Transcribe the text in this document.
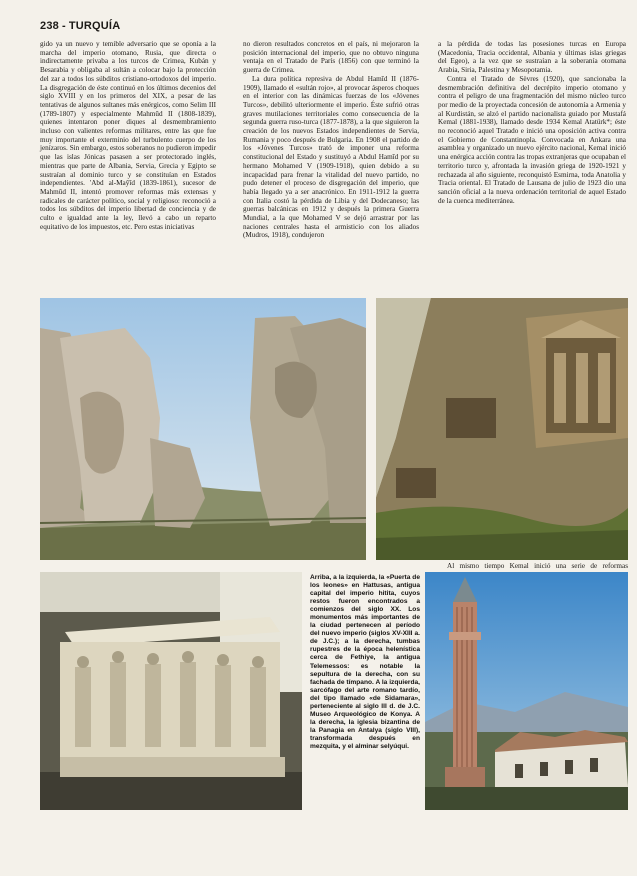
238 - TURQUÍA

gido ya un nuevo y temible adversario que se oponía a la marcha del imperio otomano, Rusia, que directa o indirectamente privaba a los turcos de Crimea, Kubán y Besarabia y obligaba al sultán a colocar bajo la protección del zar a todos los súbditos cristiano-ortodoxos del imperio. La disgregación de éste continuó en los últimos decenios del siglo XVIII y en los primeros del XIX, a pesar de las tentativas de algunos sultanes más enérgicos, como Selim III (1789-1807) y especialmente Mahmūd II (1808-1839), quienes intentaron poner diques al desmembramiento incluso con valientes reformas militares, entre las que fue muy importante el exterminio del turbulento cuerpo de los jenízaros. Sin embargo, estos soberanos no pudieron impedir que las islas Jónicas pasasen a ser protectorado inglés, mientras que parte de Albania, Servia, Grecia y Egipto se sustraían al dominio turco y se constituían en Estados independientes. 'Abd al-Maŷīd (1839-1861), sucesor de Mahmūd II, intentó promover reformas más extensas y radicales de carácter político, social y religioso: reconoció a todos los súbditos del imperio libertad de conciencia y de culto e igualdad ante la ley, llevó a cabo un reparto equitativo de los impuestos, etc. Pero estas iniciativas

no dieron resultados concretos en el país, ni mejoraron la posición internacional del imperio, que no obtuvo ninguna ventaja en el Tratado de París (1856) con que terminó la guerra de Crimea.

La dura política represiva de Abdul Hamīd II (1876-1909), llamado el «sultán rojo», al provocar ásperos choques en el interior con las dinámicas fuerzas de los «Jóvenes Turcos», debilitó ulteriormente el imperio. Éste sufrió otras graves mutilaciones territoriales como consecuencia de la segunda guerra ruso-turca (1877-1878), a la que siguieron la creación de los nuevos Estados independientes de Servia, Rumania y poco después de Bulgaria. En 1908 el partido de los «Jóvenes Turcos» trató de imponer una reforma constitucional del Estado y sustituyó a Abdul Hamīd por su hermano Mohamed V (1909-1918), quien debido a su incapacidad para frenar la vitalidad del nuevo partido, no pudo detener el proceso de disgregación del imperio, que había llegado ya a ser anacrónico. En 1911-1912 la guerra con Italia costó la pérdida de Libia y del Dodecaneso; las guerras balcánicas en 1912 y después la primera Guerra Mundial, a la que Mohamed V se dejó arrastrar por las naciones centrales hasta el armisticio con los aliados (Mudros, 1918), condujeron

a la pérdida de todas las posesiones turcas en Europa (Macedonia, Tracia occidental, Albania y últimas islas griegas del Egeo), a la vez que se sustraían a la soberanía otomana Arabia, Siria, Palestina y Mesopotamia.

Contra el Tratado de Sèvres (1920), que sancionaba la desmembración definitiva del decrépito imperio otomano y contra el peligro de una fragmentación del mismo núcleo turco por medio de la proyectada concesión de autonomía a Armenia y al Kurdistán, se alzó el partido nacionalista guiado por Mustafá Kemal (1881-1938), llamado desde 1934 Kemal Atatürk*; éste no reconoció aquel Tratado e inició una oposición activa contra el Gobierno de Constantinopla. Convocada en Ankara una asamblea y organizado un nuevo ejército nacional, Kemal inició una enérgica acción contra las tropas extranjeras que ocupaban el territorio turco y, afrontada la invasión griega de 1920-1921 y rechazada al año siguiente, reconquistó Esmirna, toda Anatolia y Tracia oriental. El Tratado de Lausana de julio de 1923 dio una sanción oficial a la nueva ordenación territorial de aquel Estado de la cuenca mediterránea.

Al mismo tiempo Kemal inició una serie de reformas

Arriba, a la izquierda, la «Puerta de los leones» en Hattusas, antigua capital del imperio hitita, cuyos restos fueron encontrados a comienzos del siglo XX. Los monumentos más importantes de la ciudad pertenecen al período del nuevo imperio (siglos XV-XIII a. de J.C.); a la derecha, tumbas rupestres de la época helenística cerca de Fethiye, la antigua Telemessos: es notable la sepultura de la derecha, con su fachada de tímpano. A la izquierda, sarcófago del arte romano tardío, del tipo llamado «de Sidamara», perteneciente al siglo III d. de J.C. Museo Arqueológico de Konya. A la derecha, la iglesia bizantina de la Panagia en Antalya (siglo VIII), transformada después en mezquita, y el alminar selyúqui.
